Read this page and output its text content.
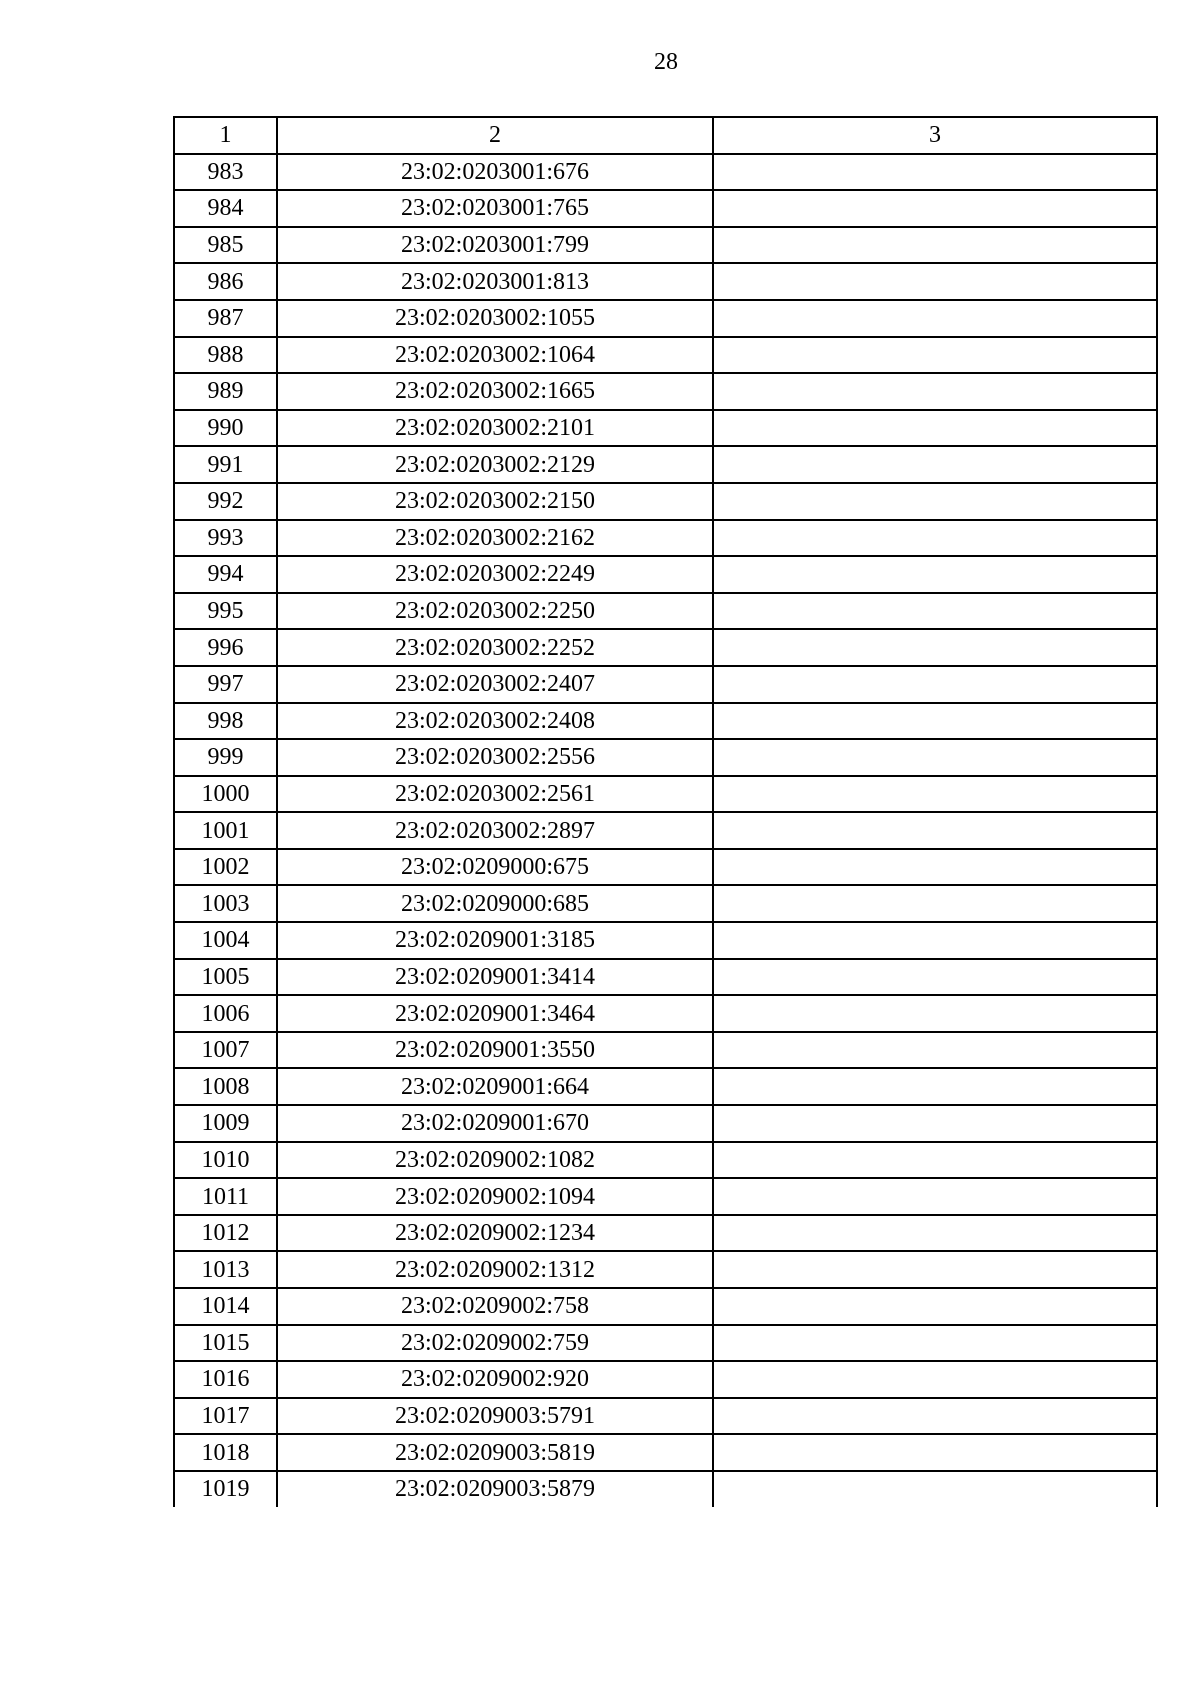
28
1	2	3
983	23:02:0203001:676	
984	23:02:0203001:765	
985	23:02:0203001:799	
986	23:02:0203001:813	
987	23:02:0203002:1055	
988	23:02:0203002:1064	
989	23:02:0203002:1665	
990	23:02:0203002:2101	
991	23:02:0203002:2129	
992	23:02:0203002:2150	
993	23:02:0203002:2162	
994	23:02:0203002:2249	
995	23:02:0203002:2250	
996	23:02:0203002:2252	
997	23:02:0203002:2407	
998	23:02:0203002:2408	
999	23:02:0203002:2556	
1000	23:02:0203002:2561	
1001	23:02:0203002:2897	
1002	23:02:0209000:675	
1003	23:02:0209000:685	
1004	23:02:0209001:3185	
1005	23:02:0209001:3414	
1006	23:02:0209001:3464	
1007	23:02:0209001:3550	
1008	23:02:0209001:664	
1009	23:02:0209001:670	
1010	23:02:0209002:1082	
1011	23:02:0209002:1094	
1012	23:02:0209002:1234	
1013	23:02:0209002:1312	
1014	23:02:0209002:758	
1015	23:02:0209002:759	
1016	23:02:0209002:920	
1017	23:02:0209003:5791	
1018	23:02:0209003:5819	
1019	23:02:0209003:5879	
